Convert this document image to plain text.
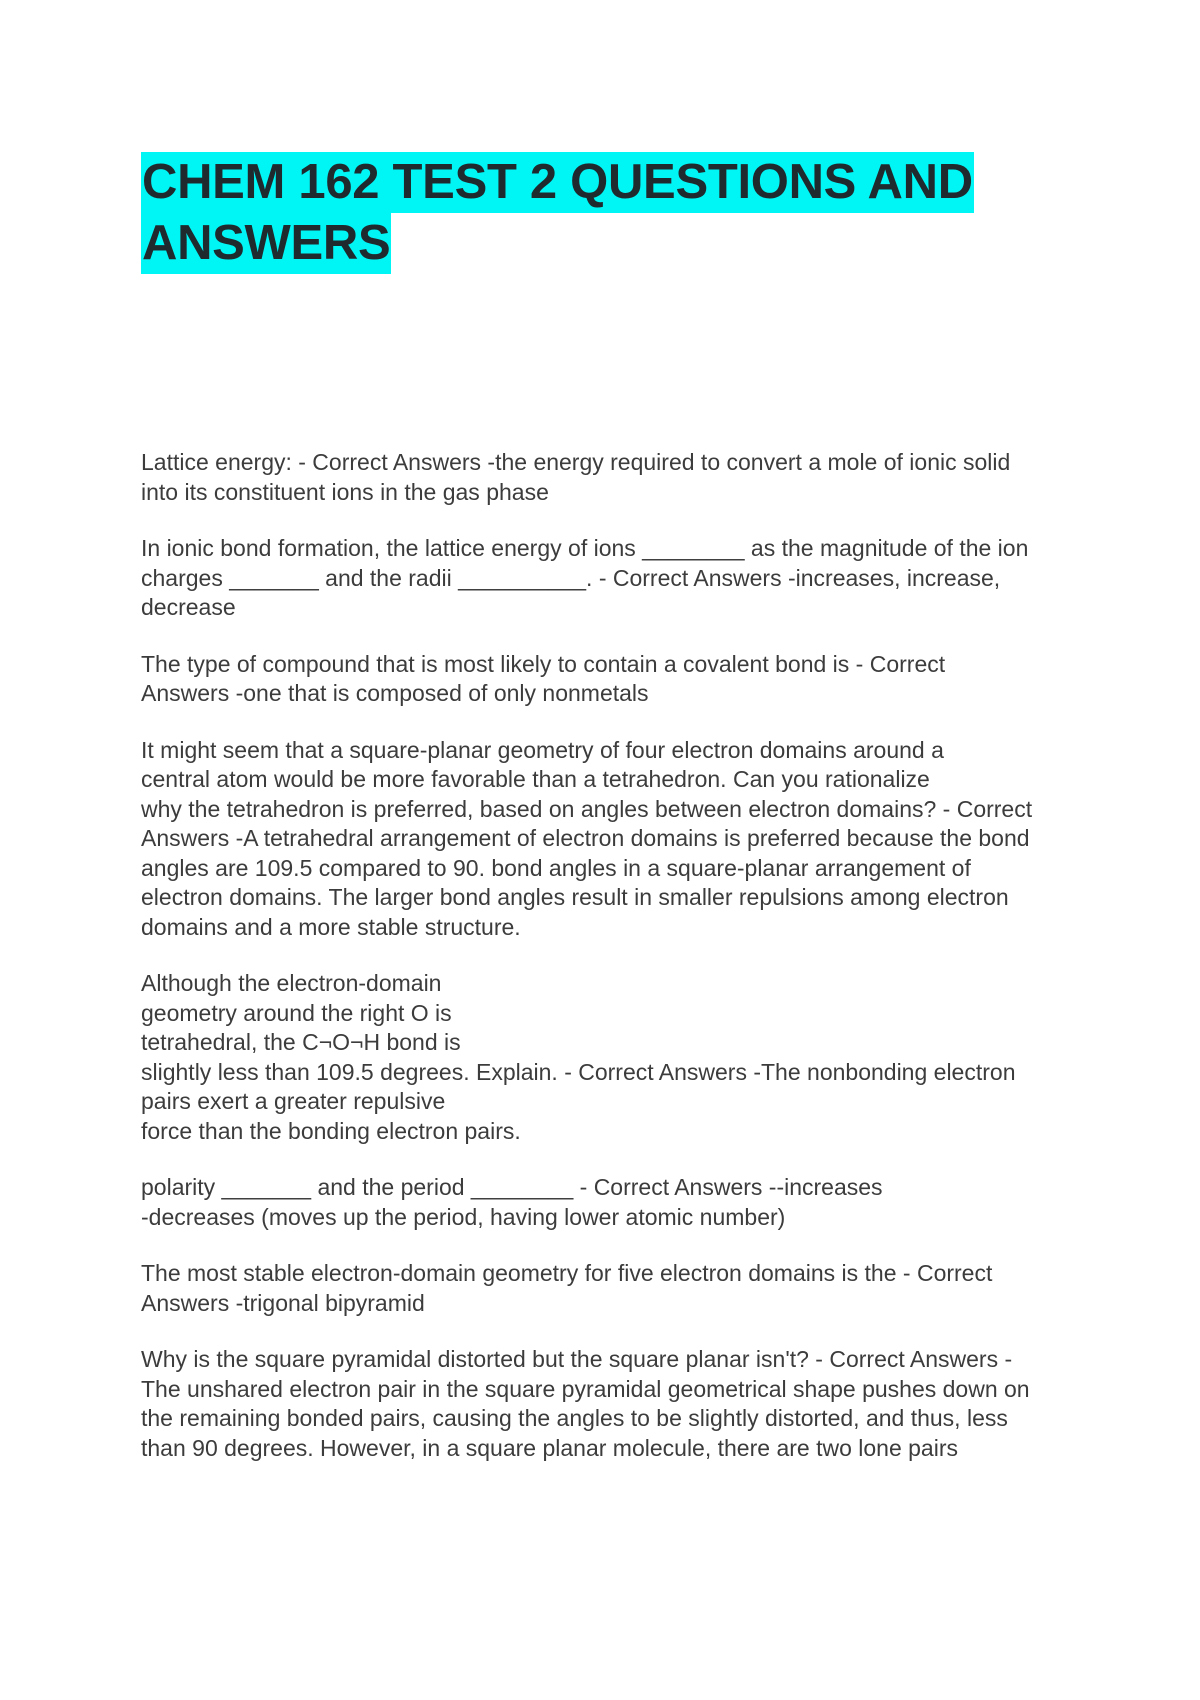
CHEM 162 TEST 2 QUESTIONS AND
ANSWERS

Lattice energy: - Correct Answers -the energy required to convert a mole of ionic solid
into its constituent ions in the gas phase

In ionic bond formation, the lattice energy of ions ________ as the magnitude of the ion
charges _______ and the radii __________. - Correct Answers -increases, increase,
decrease

The type of compound that is most likely to contain a covalent bond is - Correct
Answers -one that is composed of only nonmetals

It might seem that a square-planar geometry of four electron domains around a
central atom would be more favorable than a tetrahedron. Can you rationalize
why the tetrahedron is preferred, based on angles between electron domains? - Correct
Answers -A tetrahedral arrangement of electron domains is preferred because the bond
angles are 109.5 compared to 90. bond angles in a square-planar arrangement of
electron domains. The larger bond angles result in smaller repulsions among electron
domains and a more stable structure.

Although the electron-domain
geometry around the right O is
tetrahedral, the C¬O¬H bond is
slightly less than 109.5 degrees. Explain. - Correct Answers -The nonbonding electron
pairs exert a greater repulsive
force than the bonding electron pairs.

polarity _______ and the period ________ - Correct Answers --increases
-decreases (moves up the period, having lower atomic number)

The most stable electron-domain geometry for five electron domains is the - Correct
Answers -trigonal bipyramid

Why is the square pyramidal distorted but the square planar isn't? - Correct Answers -
The unshared electron pair in the square pyramidal geometrical shape pushes down on
the remaining bonded pairs, causing the angles to be slightly distorted, and thus, less
than 90 degrees. However, in a square planar molecule, there are two lone pairs
